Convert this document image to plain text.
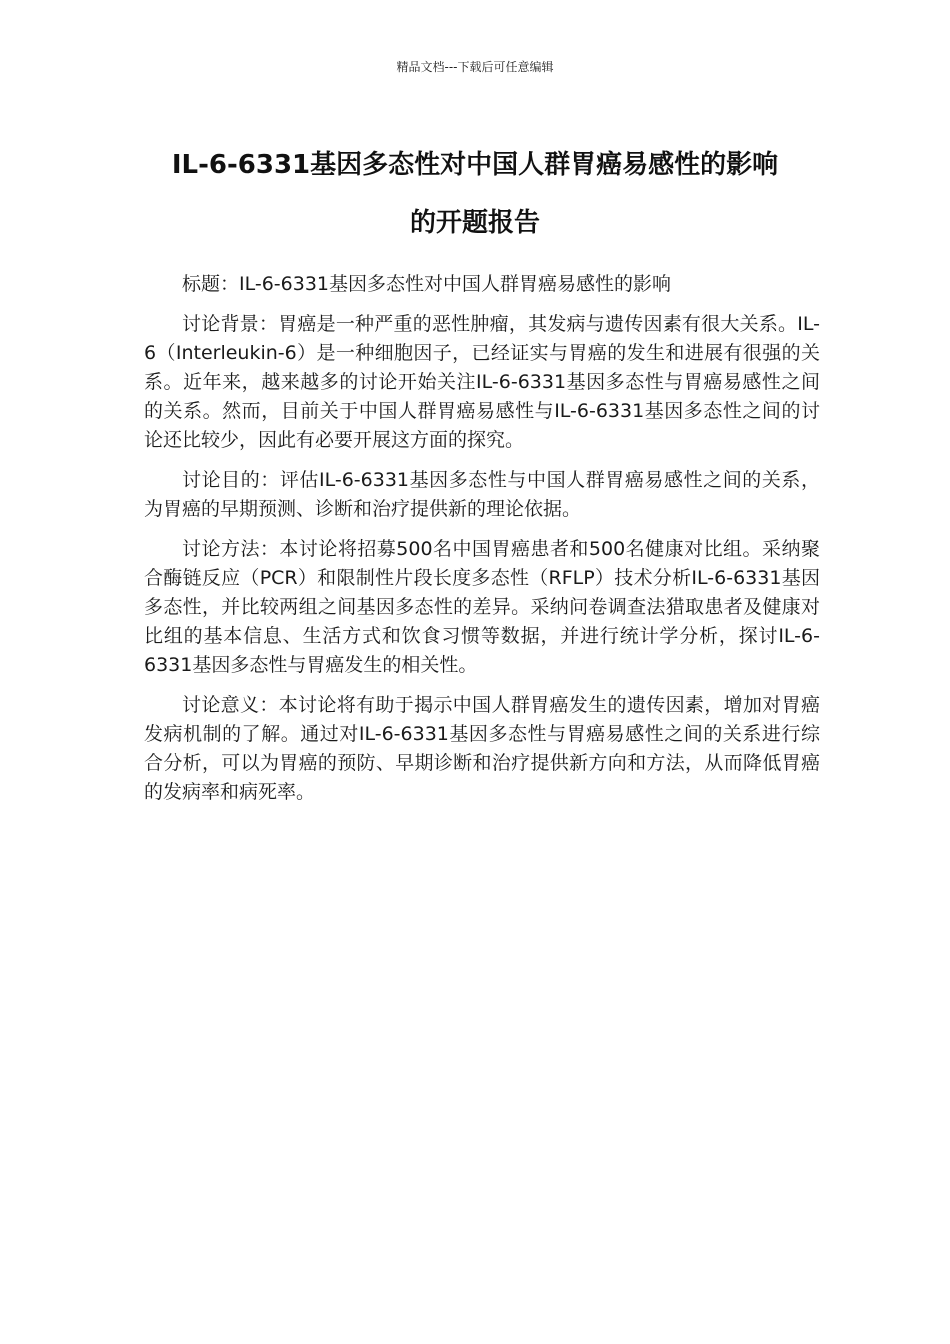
精品文档---下载后可任意编辑
IL-6-6331基因多态性对中国人群胃癌易感性的影响
的开题报告

标题：IL-6-6331基因多态性对中国人群胃癌易感性的影响

讨论背景：胃癌是一种严重的恶性肿瘤，其发病与遗传因素有很大关系。IL-6（Interleukin-6）是一种细胞因子，已经证实与胃癌的发生和进展有很强的关系。近年来，越来越多的讨论开始关注IL-6-6331基因多态性与胃癌易感性之间的关系。然而，目前关于中国人群胃癌易感性与IL-6-6331基因多态性之间的讨论还比较少，因此有必要开展这方面的探究。

讨论目的：评估IL-6-6331基因多态性与中国人群胃癌易感性之间的关系，为胃癌的早期预测、诊断和治疗提供新的理论依据。

讨论方法：本讨论将招募500名中国胃癌患者和500名健康对比组。采纳聚合酶链反应（PCR）和限制性片段长度多态性（RFLP）技术分析IL-6-6331基因多态性，并比较两组之间基因多态性的差异。采纳问卷调查法猎取患者及健康对比组的基本信息、生活方式和饮食习惯等数据，并进行统计学分析，探讨IL-6-6331基因多态性与胃癌发生的相关性。

讨论意义：本讨论将有助于揭示中国人群胃癌发生的遗传因素，增加对胃癌发病机制的了解。通过对IL-6-6331基因多态性与胃癌易感性之间的关系进行综合分析，可以为胃癌的预防、早期诊断和治疗提供新方向和方法，从而降低胃癌的发病率和病死率。
